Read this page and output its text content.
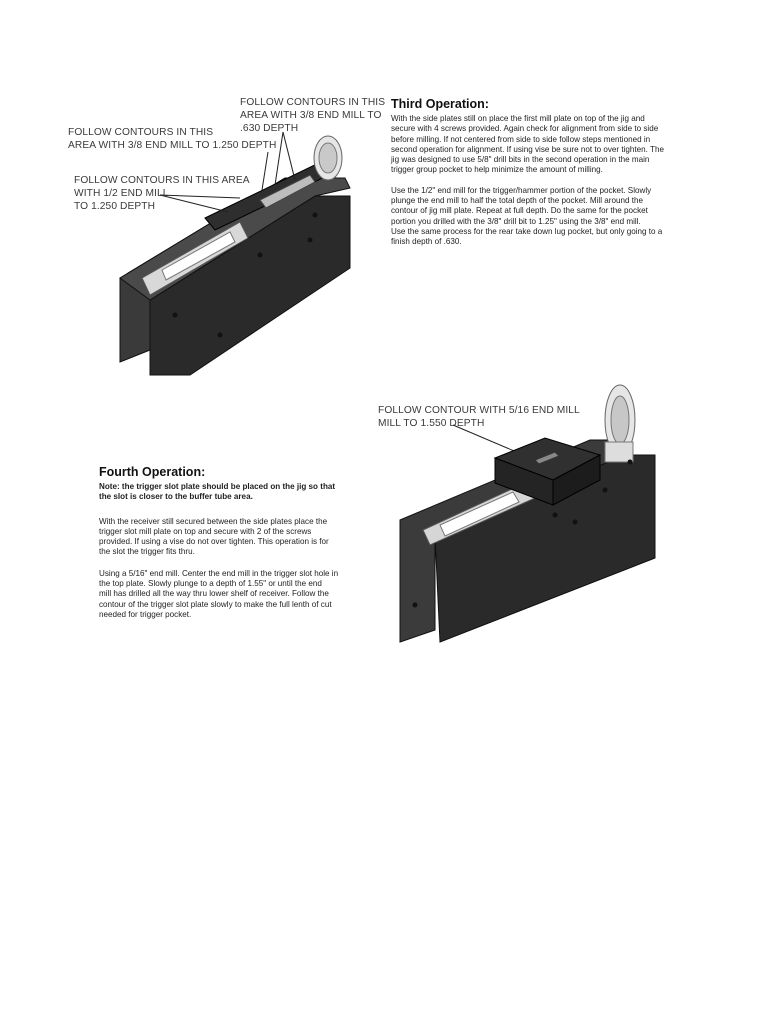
FOLLOW CONTOURS IN THIS
AREA WITH 3/8 END MILL TO
.630 DEPTH
FOLLOW CONTOURS IN THIS
AREA WITH 3/8 END MILL TO 1.250 DEPTH
FOLLOW CONTOURS IN THIS AREA
WITH 1/2 END MILL
TO 1.250 DEPTH
Third Operation:
With the side plates still on place the first mill plate on top of the jig and
secure with 4 screws provided. Again check for alignment from side to side
before milling. If not centered from side to side follow steps mentioned in
second operation for alignment. If using vise be sure not to over tighten. The
jig was designed to use 5/8" drill bits in the second operation in the main
trigger group pocket to help minimize the amount of milling.
Use the 1/2" end mill for the trigger/hammer portion of the pocket. Slowly
plunge the end mill to half the total depth of the pocket. Mill around the
contour of jig mill plate. Repeat at full depth. Do the same for the pocket
portion you drilled with the 3/8" drill bit to 1.25" using the 3/8" end mill.
Use the same process for the rear take down lug pocket, but only going to a
finish depth of .630.
FOLLOW CONTOUR WITH 5/16 END MILL
MILL TO 1.550 DEPTH
Fourth Operation:
Note: the trigger slot plate should be placed on the jig so that
the slot is closer to the buffer tube area.
With the receiver still secured between the side plates place the
trigger slot mill plate on top and secure with 2 of the screws
provided. If using a vise do not over tighten. This operation is for
the slot the trigger fits thru.
Using a 5/16" end mill. Center the end mill in the trigger slot hole in
the top plate. Slowly plunge to a depth of 1.55" or until the end
mill has drilled all the way thru lower shelf of receiver. Follow the
contour of the trigger slot plate slowly to make the full lenth of cut
needed for trigger pocket.
